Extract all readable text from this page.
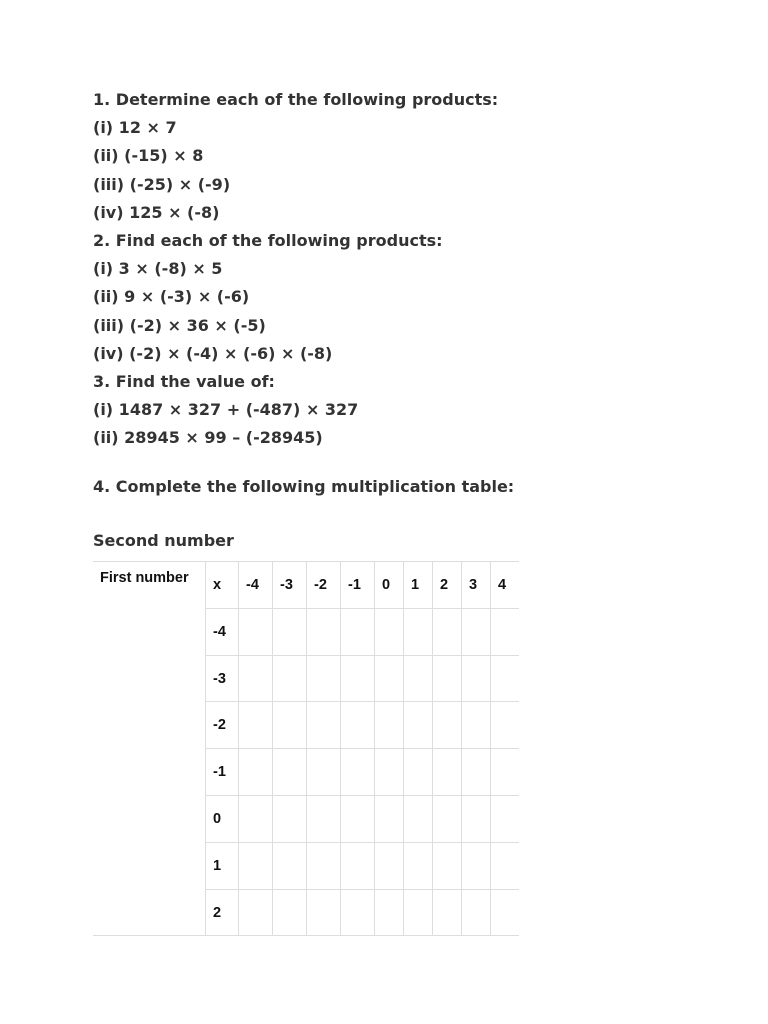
1. Determine each of the following products:
(i) 12 × 7
(ii) (-15) × 8
(iii) (-25) × (-9)
(iv) 125 × (-8)
2. Find each of the following products:
(i) 3 × (-8) × 5
(ii) 9 × (-3) × (-6)
(iii) (-2) × 36 × (-5)
(iv) (-2) × (-4) × (-6) × (-8)
3. Find the value of:
(i) 1487 × 327 + (-487) × 327
(ii) 28945 × 99 – (-28945)
4. Complete the following multiplication table:
Second number
First number	x	-4	-3	-2	-1	0	1	2	3	4
	-4									
	-3									
	-2									
	-1									
	0									
	1									
	2									
